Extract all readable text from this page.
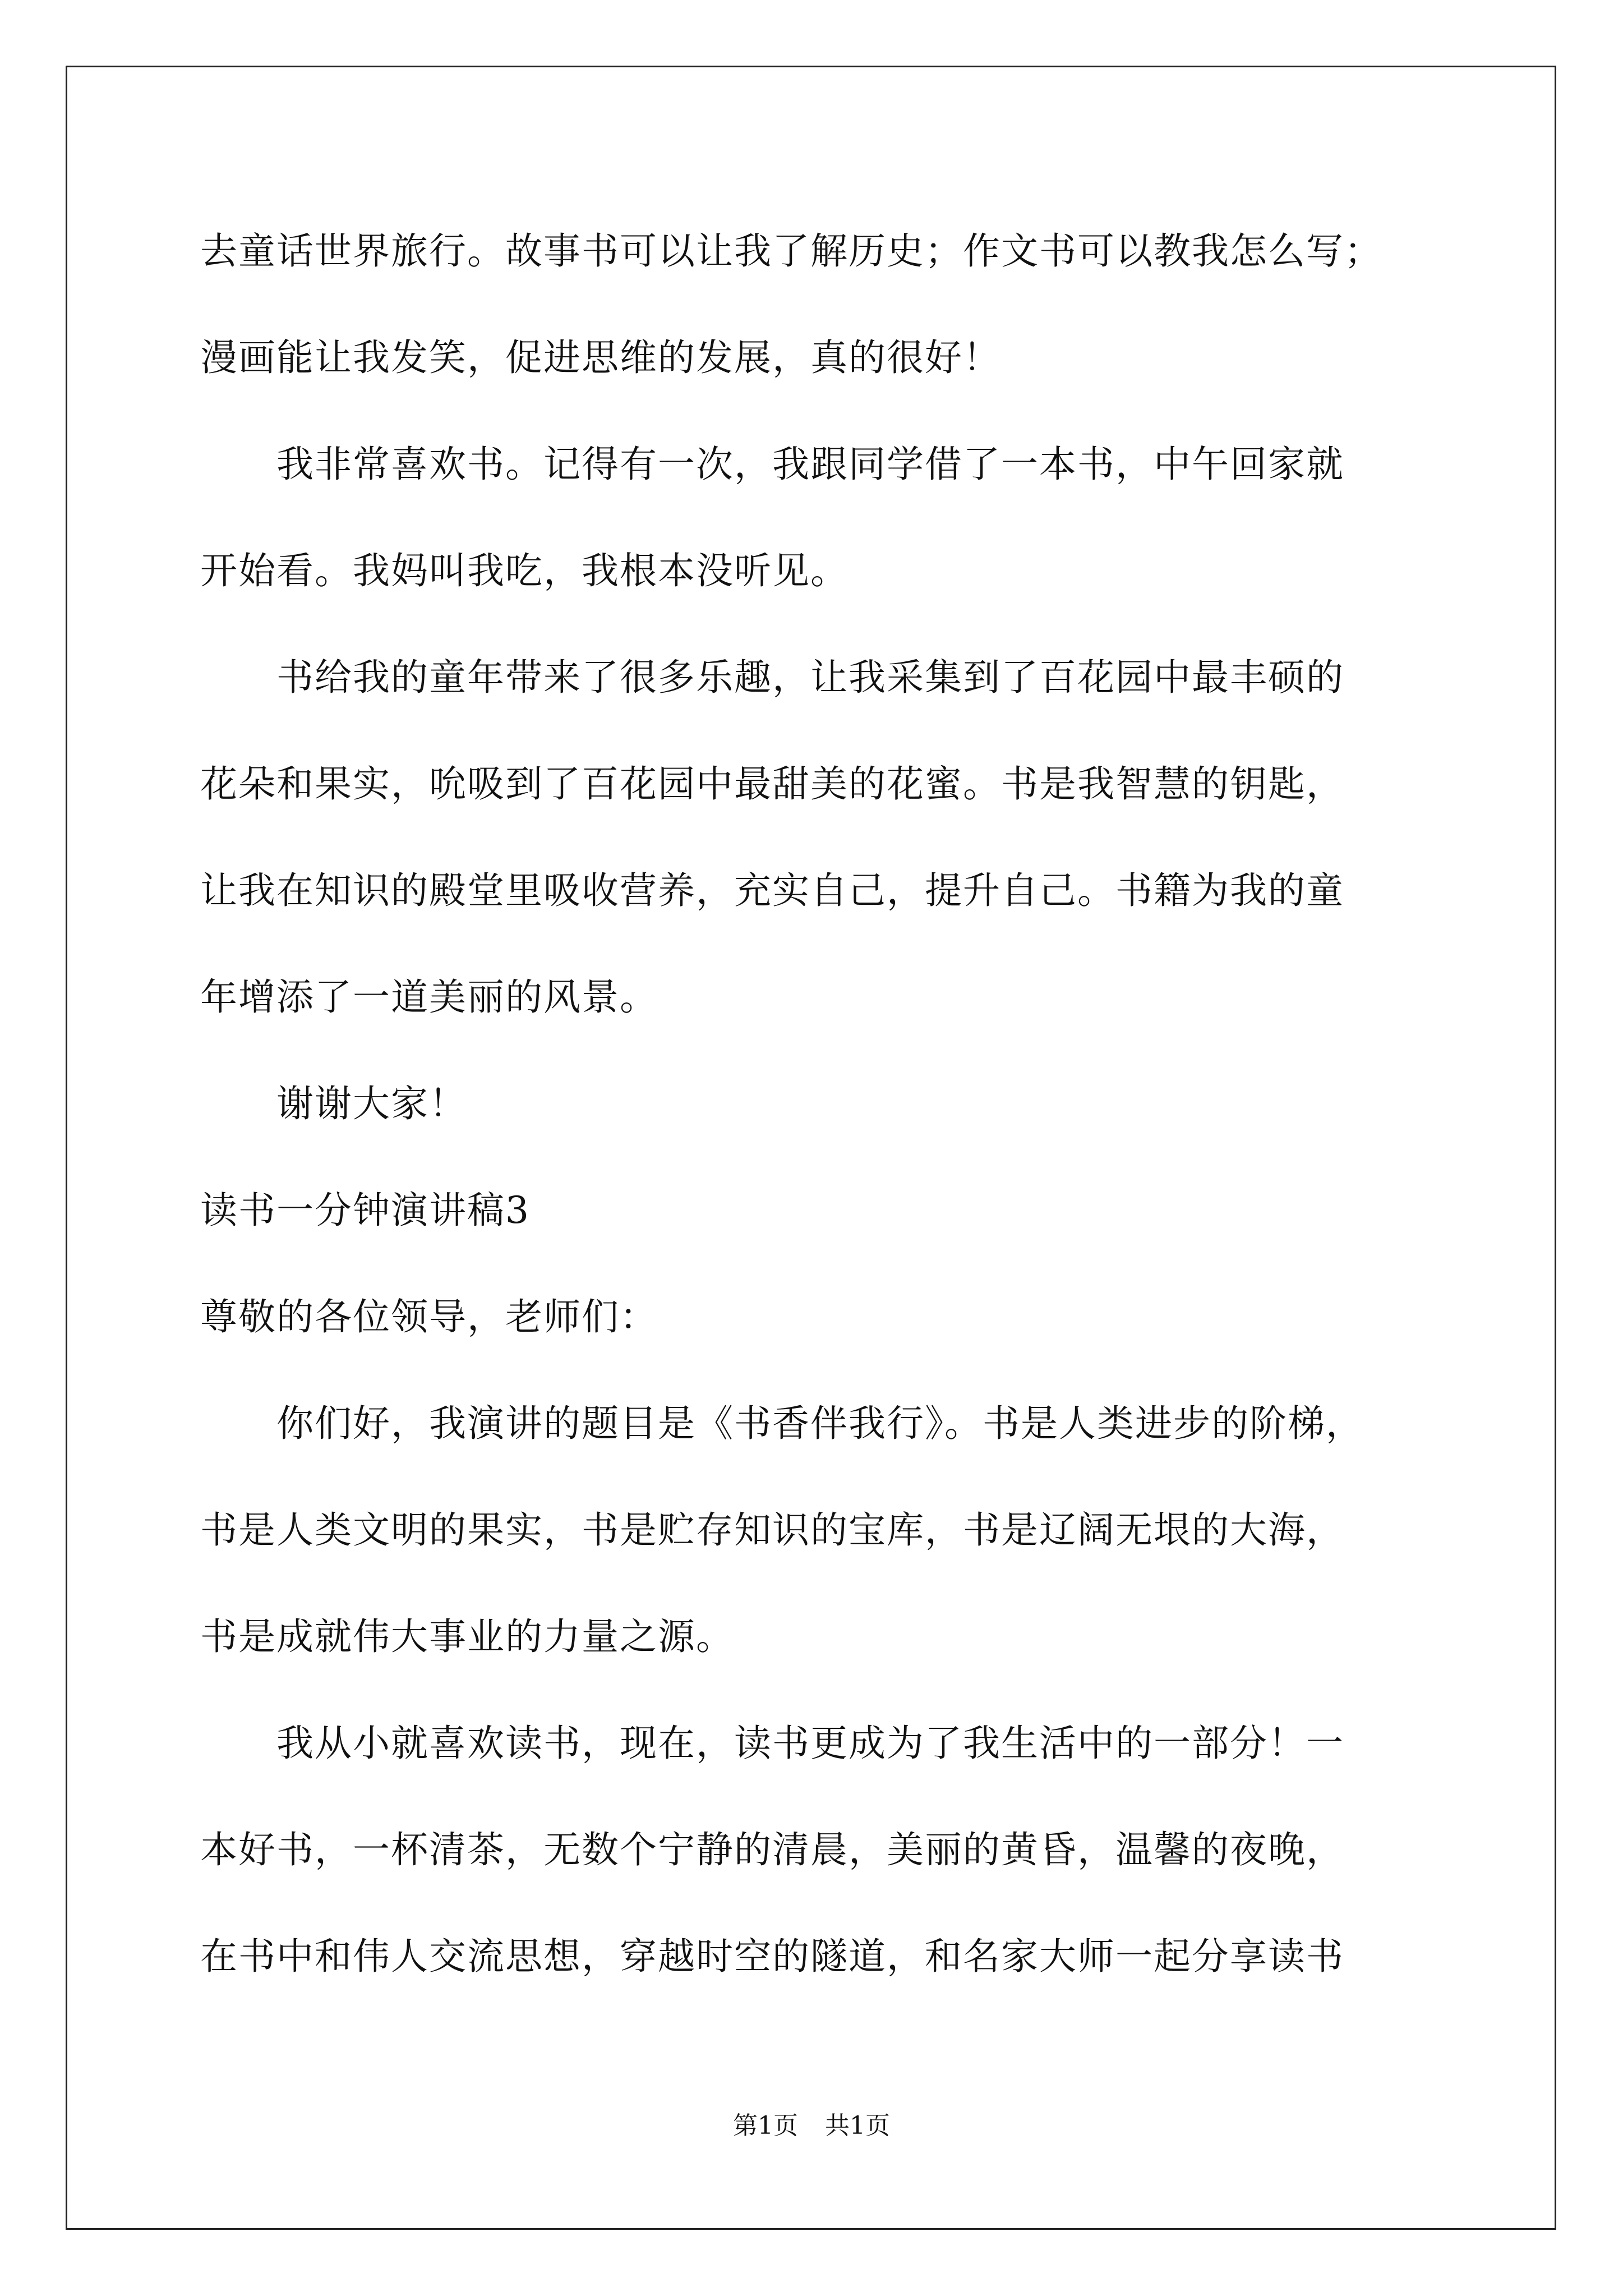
去童话世界旅行。故事书可以让我了解历史；作文书可以教我怎么写；
漫画能让我发笑，促进思维的发展，真的很好！
　　我非常喜欢书。记得有一次，我跟同学借了一本书，中午回家就
开始看。我妈叫我吃，我根本没听见。
　　书给我的童年带来了很多乐趣，让我采集到了百花园中最丰硕的
花朵和果实，吮吸到了百花园中最甜美的花蜜。书是我智慧的钥匙，
让我在知识的殿堂里吸收营养，充实自己，提升自己。书籍为我的童
年增添了一道美丽的风景。
　　谢谢大家！
读书一分钟演讲稿3
尊敬的各位领导，老师们：
　　你们好，我演讲的题目是《书香伴我行》。书是人类进步的阶梯，
书是人类文明的果实，书是贮存知识的宝库，书是辽阔无垠的大海，
书是成就伟大事业的力量之源。
　　我从小就喜欢读书，现在，读书更成为了我生活中的一部分！一
本好书，一杯清茶，无数个宁静的清晨，美丽的黄昏，温馨的夜晚，
在书中和伟人交流思想，穿越时空的隧道，和名家大师一起分享读书
第1页 共1页
